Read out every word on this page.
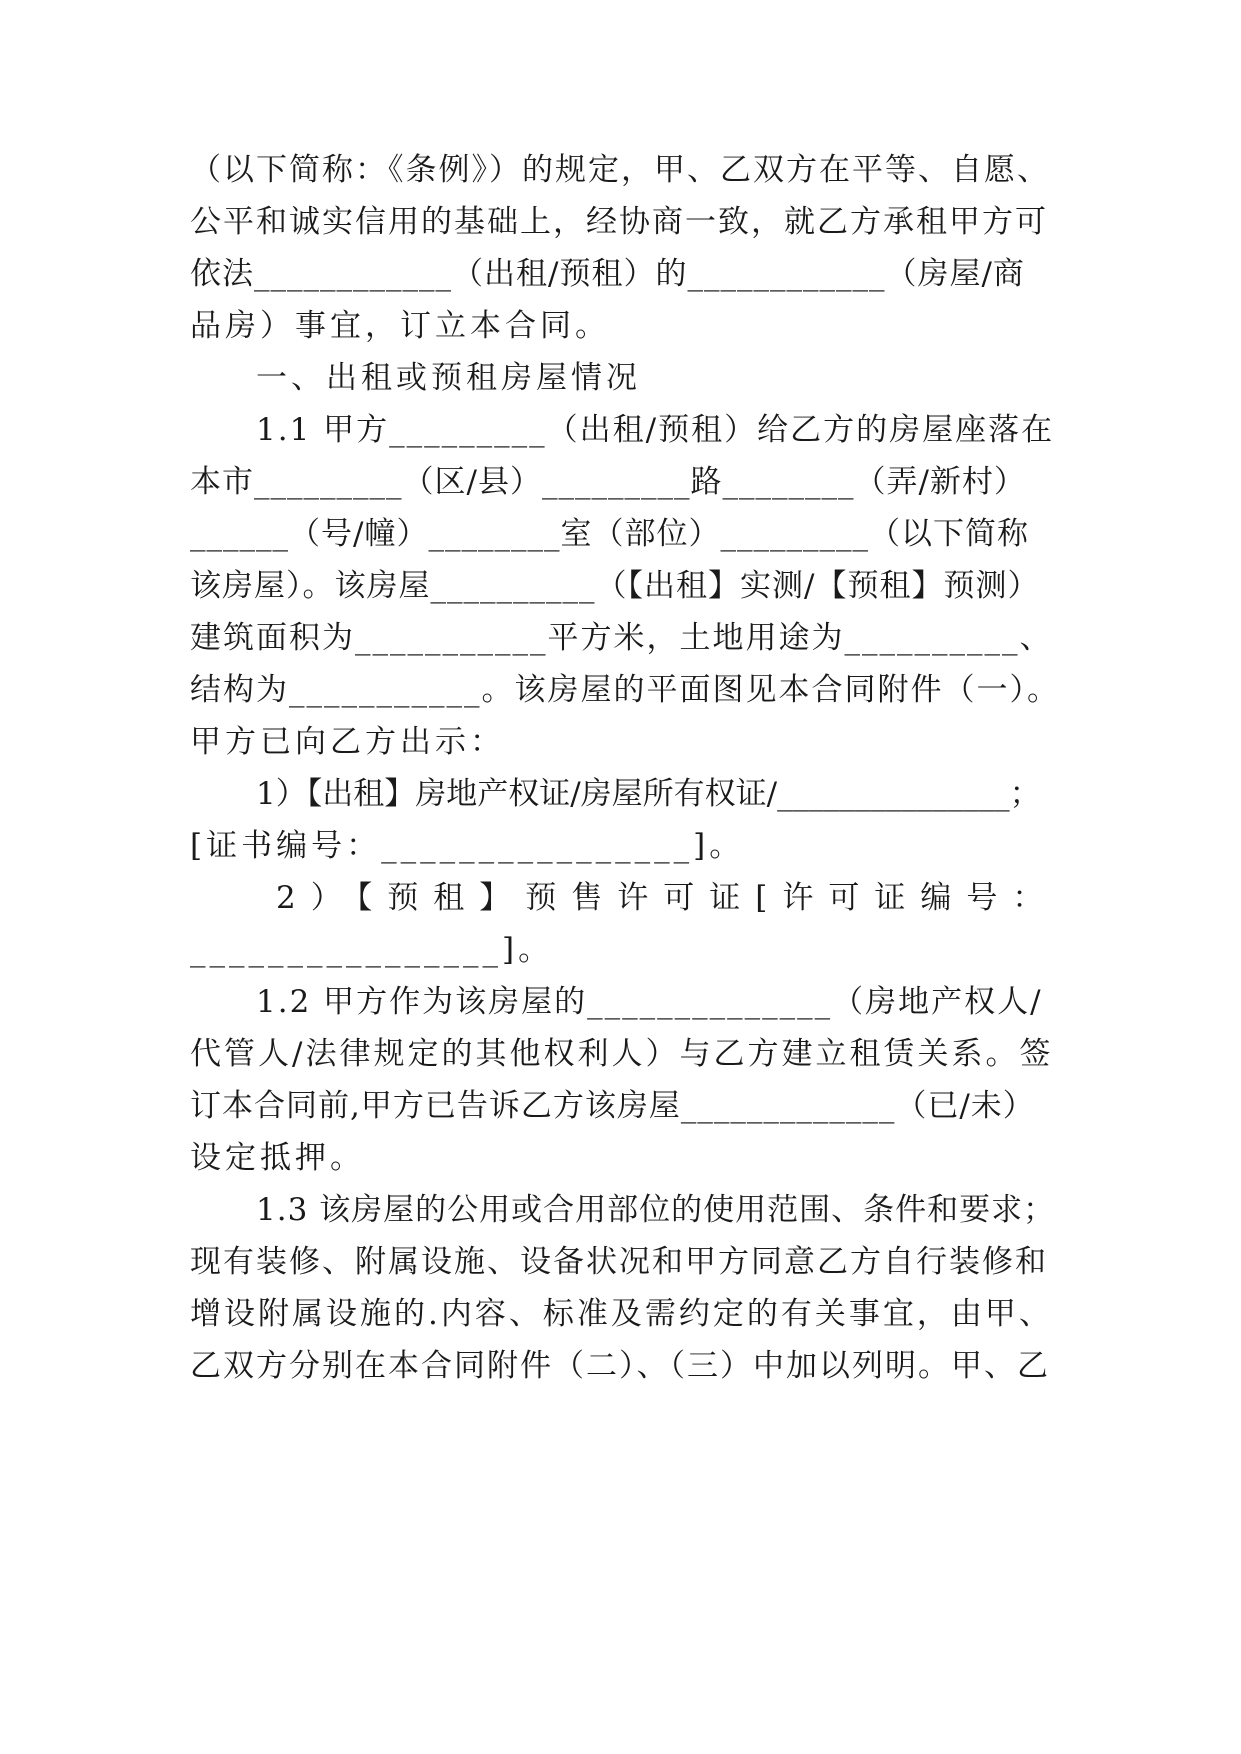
（以下简称：《条例》）的规定，甲、乙双方在平等、自愿、
公平和诚实信用的基础上，经协商一致，就乙方承租甲方可
依法____________（出租/预租）的____________（房屋/商
品房）事宜，订立本合同。
一、出租或预租房屋情况
1.1 甲方_________（出租/预租）给乙方的房屋座落在
本市_________（区/县）_________路________（弄/新村）
______（号/幢）________室（部位）_________（以下简称
该房屋）。该房屋__________（【出租】实测/【预租】预测）
建筑面积为___________平方米，土地用途为__________、
结构为___________。该房屋的平面图见本合同附件（一）。
甲方已向乙方出示：
1）【出租】房地产权证/房屋所有权证/_______________；
[证书编号：________________]。
2）【预租】预售许可证[许可证编号：
________________]。
1.2 甲方作为该房屋的______________（房地产权人/
代管人/法律规定的其他权利人）与乙方建立租赁关系。签
订本合同前,甲方已告诉乙方该房屋_____________（已/未）
设定抵押。
1.3 该房屋的公用或合用部位的使用范围、条件和要求；
现有装修、附属设施、设备状况和甲方同意乙方自行装修和
增设附属设施的.内容、标准及需约定的有关事宜，由甲、
乙双方分别在本合同附件（二）、（三）中加以列明。甲、乙
